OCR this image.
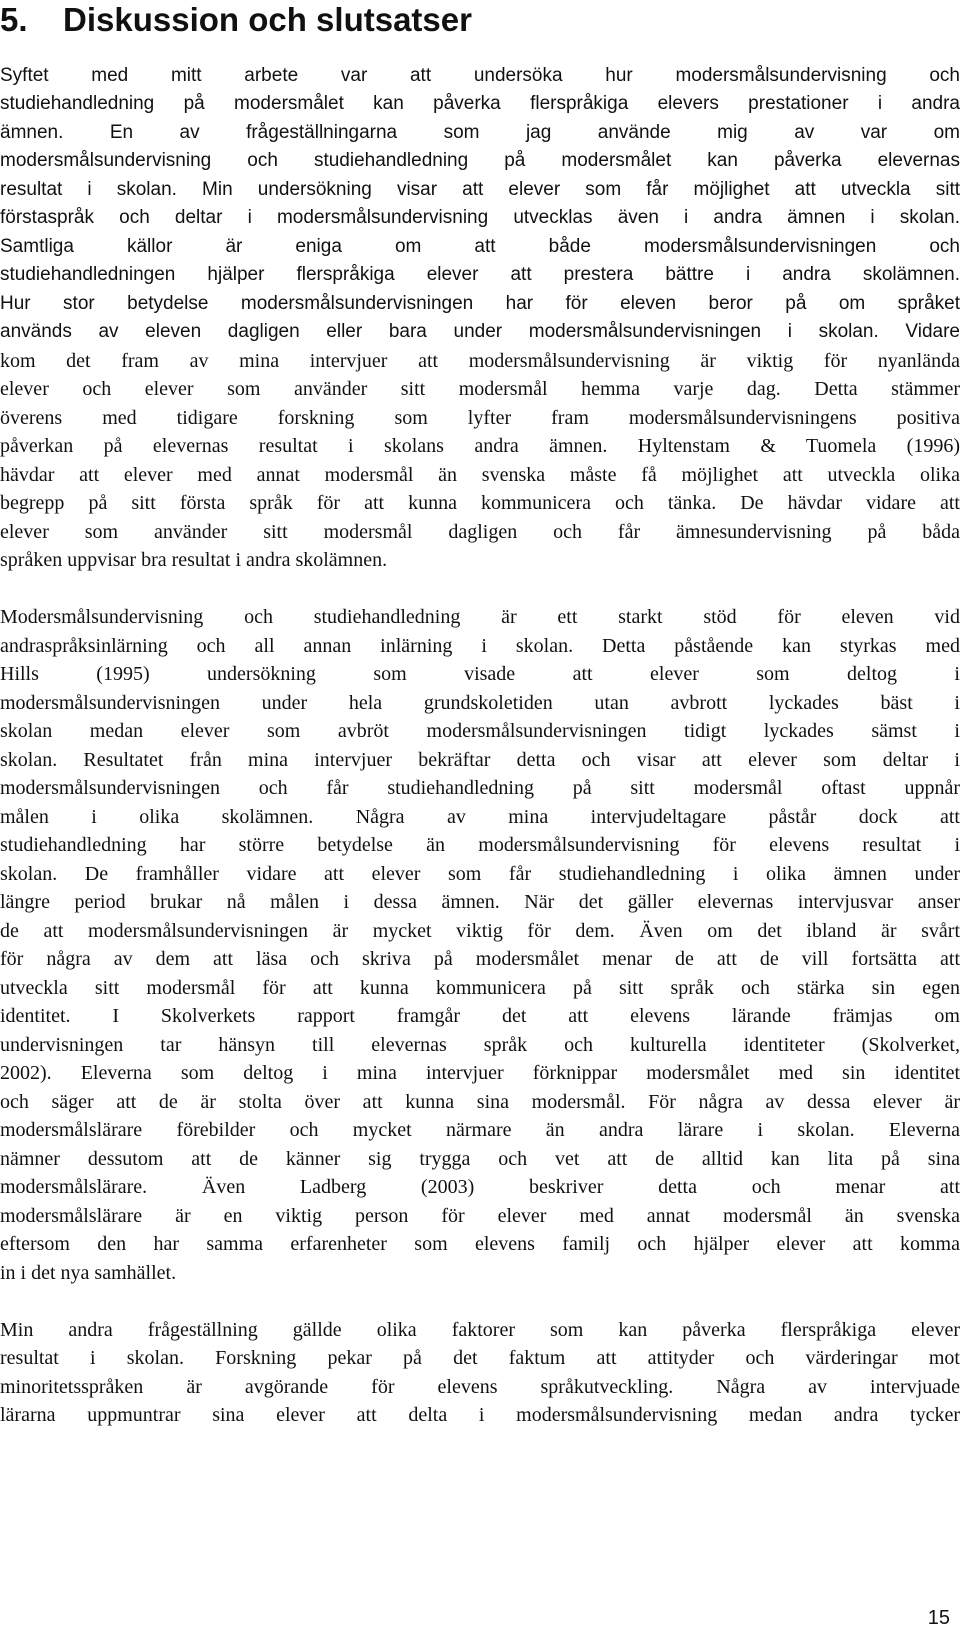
5. Diskussion och slutsatser

Syftet med mitt arbete var att undersöka hur modersmålsundervisning och

studiehandledning på modersmålet kan påverka flerspråkiga elevers prestationer i andra

ämnen. En av frågeställningarna som jag använde mig av var om

modersmålsundervisning och studiehandledning på modersmålet kan påverka elevernas

resultat i skolan. Min undersökning visar att elever som får möjlighet att utveckla sitt

förstaspråk och deltar i modersmålsundervisning utvecklas även i andra ämnen i skolan.

Samtliga källor är eniga om att både modersmålsundervisningen och

studiehandledningen hjälper flerspråkiga elever att prestera bättre i andra skolämnen.

Hur stor betydelse modersmålsundervisningen har för eleven beror på om språket

används av eleven dagligen eller bara under modersmålsundervisningen i skolan. Vidare

kom det fram av mina intervjuer att modersmålsundervisning är viktig för nyanlända

elever och elever som använder sitt modersmål hemma varje dag. Detta stämmer

överens med tidigare forskning som lyfter fram modersmålsundervisningens positiva

påverkan på elevernas resultat i skolans andra ämnen. Hyltenstam & Tuomela (1996)

hävdar att elever med annat modersmål än svenska måste få möjlighet att utveckla olika

begrepp på sitt första språk för att kunna kommunicera och tänka. De hävdar vidare att

elever som använder sitt modersmål dagligen och får ämnesundervisning på båda

språken uppvisar bra resultat i andra skolämnen.

Modersmålsundervisning och studiehandledning är ett starkt stöd för eleven vid

andraspråksinlärning och all annan inlärning i skolan. Detta påstående kan styrkas med

Hills (1995) undersökning som visade att elever som deltog i

modersmålsundervisningen under hela grundskoletiden utan avbrott lyckades bäst i

skolan medan elever som avbröt modersmålsundervisningen tidigt lyckades sämst i

skolan. Resultatet från mina intervjuer bekräftar detta och visar att elever som deltar i

modersmålsundervisningen och får studiehandledning på sitt modersmål oftast uppnår

målen i olika skolämnen. Några av mina intervjudeltagare påstår dock att

studiehandledning har större betydelse än modersmålsundervisning för elevens resultat i

skolan. De framhåller vidare att elever som får studiehandledning i olika ämnen under

längre period brukar nå målen i dessa ämnen. När det gäller elevernas intervjusvar anser

de att modersmålsundervisningen är mycket viktig för dem. Även om det ibland är svårt

för några av dem att läsa och skriva på modersmålet menar de att de vill fortsätta att

utveckla sitt modersmål för att kunna kommunicera på sitt språk och stärka sin egen

identitet. I Skolverkets rapport framgår det att elevens lärande främjas om

undervisningen tar hänsyn till elevernas språk och kulturella identiteter (Skolverket,

2002). Eleverna som deltog i mina intervjuer förknippar modersmålet med sin identitet

och säger att de är stolta över att kunna sina modersmål. För några av dessa elever är

modersmålslärare förebilder och mycket närmare än andra lärare i skolan. Eleverna

nämner dessutom att de känner sig trygga och vet att de alltid kan lita på sina

modersmålslärare. Även Ladberg (2003) beskriver detta och menar att

modersmålslärare är en viktig person för elever med annat modersmål än svenska

eftersom den har samma erfarenheter som elevens familj och hjälper elever att komma

in i det nya samhället.

Min andra frågeställning gällde olika faktorer som kan påverka flerspråkiga elever

resultat i skolan. Forskning pekar på det faktum att attityder och värderingar mot

minoritetsspråken är avgörande för elevens språkutveckling. Några av intervjuade

lärarna uppmuntrar sina elever att delta i modersmålsundervisning medan andra tycker

15
